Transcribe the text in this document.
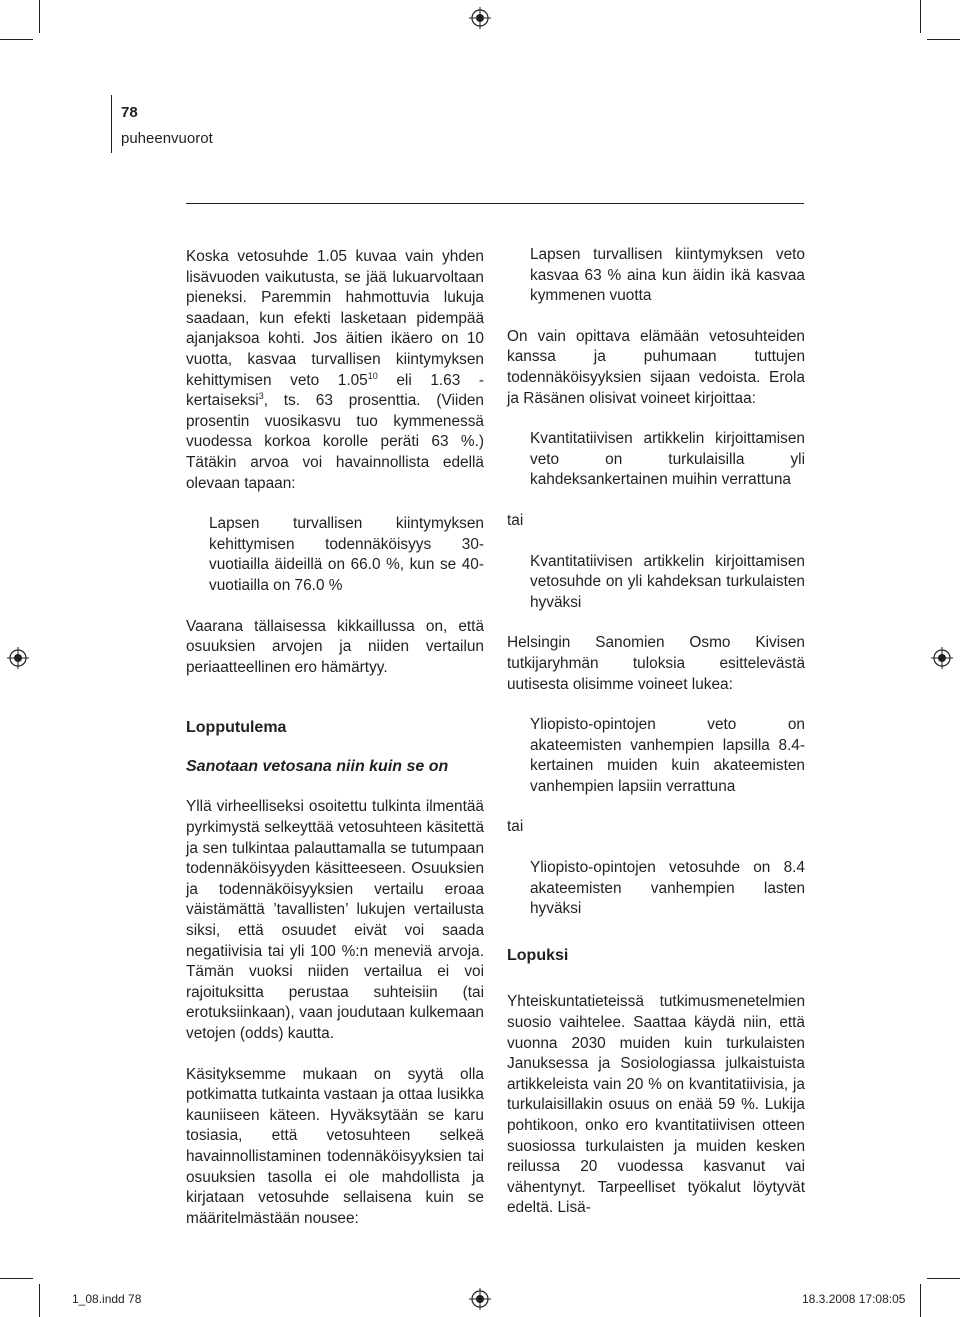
78
puheenvuorot

Koska vetosuhde 1.05 kuvaa vain yhden lisävuoden vaikutusta, se jää lukuarvoltaan pieneksi. Paremmin hahmottuvia lukuja saadaan, kun efekti lasketaan pidempää ajanjaksoa kohti. Jos äitien ikäero on 10 vuotta, kasvaa turvallisen kiintymyksen kehittymisen veto 1.05$^{10}$ eli 1.63 -kertaiseksi$^3$, ts. 63 prosenttia. (Viiden prosentin vuosikasvu tuo kymmenessä vuodessa korkoa korolle peräti 63 %.) Tätäkin arvoa voi havainnollista edellä olevaan tapaan:

Lapsen turvallisen kiintymyksen kehittymisen todennäköisyys 30-vuotiailla äideillä on 66.0 %, kun se 40-vuotiailla on 76.0 %

Vaarana tällaisessa kikkaillussa on, että osuuksien arvojen ja niiden vertailun periaatteellinen ero hämärtyy.

Lopputulema

Sanotaan vetosana niin kuin se on

Yllä virheelliseksi osoitettu tulkinta ilmentää pyrkimystä selkeyttää vetosuhteen käsitettä ja sen tulkintaa palauttamalla se tutumpaan todennäköisyyden käsitteeseen. Osuuksien ja todennäköisyyksien vertailu eroaa väistämättä ’tavallisten’ lukujen vertailusta siksi, että osuudet eivät voi saada negatiivisia tai yli 100 %:n meneviä arvoja. Tämän vuoksi niiden vertailua ei voi rajoituksitta perustaa suhteisiin (tai erotuksiinkaan), vaan joudutaan kulkemaan vetojen (odds) kautta.

Käsityksemme mukaan on syytä olla potkimatta tutkainta vastaan ja ottaa lusikka kauniiseen käteen. Hyväksytään se karu tosiasia, että vetosuhteen selkeä havainnollistaminen todennäköisyyksien tai osuuksien tasolla ei ole mahdollista ja kirjataan vetosuhde sellaisena kuin se määritelmästään nousee:

Lapsen turvallisen kiintymyksen veto kasvaa 63 % aina kun äidin ikä kasvaa kymmenen vuotta

On vain opittava elämään vetosuhteiden kanssa ja puhumaan tuttujen todennäköisyyksien sijaan vedoista. Erola ja Räsänen olisivat voineet kirjoittaa:

Kvantitatiivisen artikkelin kirjoittamisen veto on turkulaisilla yli kahdeksankertainen muihin verrattuna

tai

Kvantitatiivisen artikkelin kirjoittamisen vetosuhde on yli kahdeksan turkulaisten hyväksi

Helsingin Sanomien Osmo Kivisen tutkijaryhmän tuloksia esittelevästä uutisesta olisimme voineet lukea:

Yliopisto-opintojen veto on akateemisten vanhempien lapsilla 8.4-kertainen muiden kuin akateemisten vanhempien lapsiin verrattuna

tai

Yliopisto-opintojen vetosuhde on 8.4 akateemisten vanhempien lasten hyväksi

Lopuksi

Yhteiskuntatieteissä tutkimusmenetelmien suosio vaihtelee. Saattaa käydä niin, että vuonna 2030 muiden kuin turkulaisten Januksessa ja Sosiologiassa julkaistuista artikkeleista vain 20 % on kvantitatiivisia, ja turkulaisillakin osuus on enää 59 %. Lukija pohtikoon, onko ero kvantitatiivisen otteen suosiossa turkulaisten ja muiden kesken reilussa 20 vuodessa kasvanut vai vähentynyt. Tarpeelliset työkalut löytyvät edeltä. Lisä-

1_08.indd 78	18.3.2008 17:08:05
